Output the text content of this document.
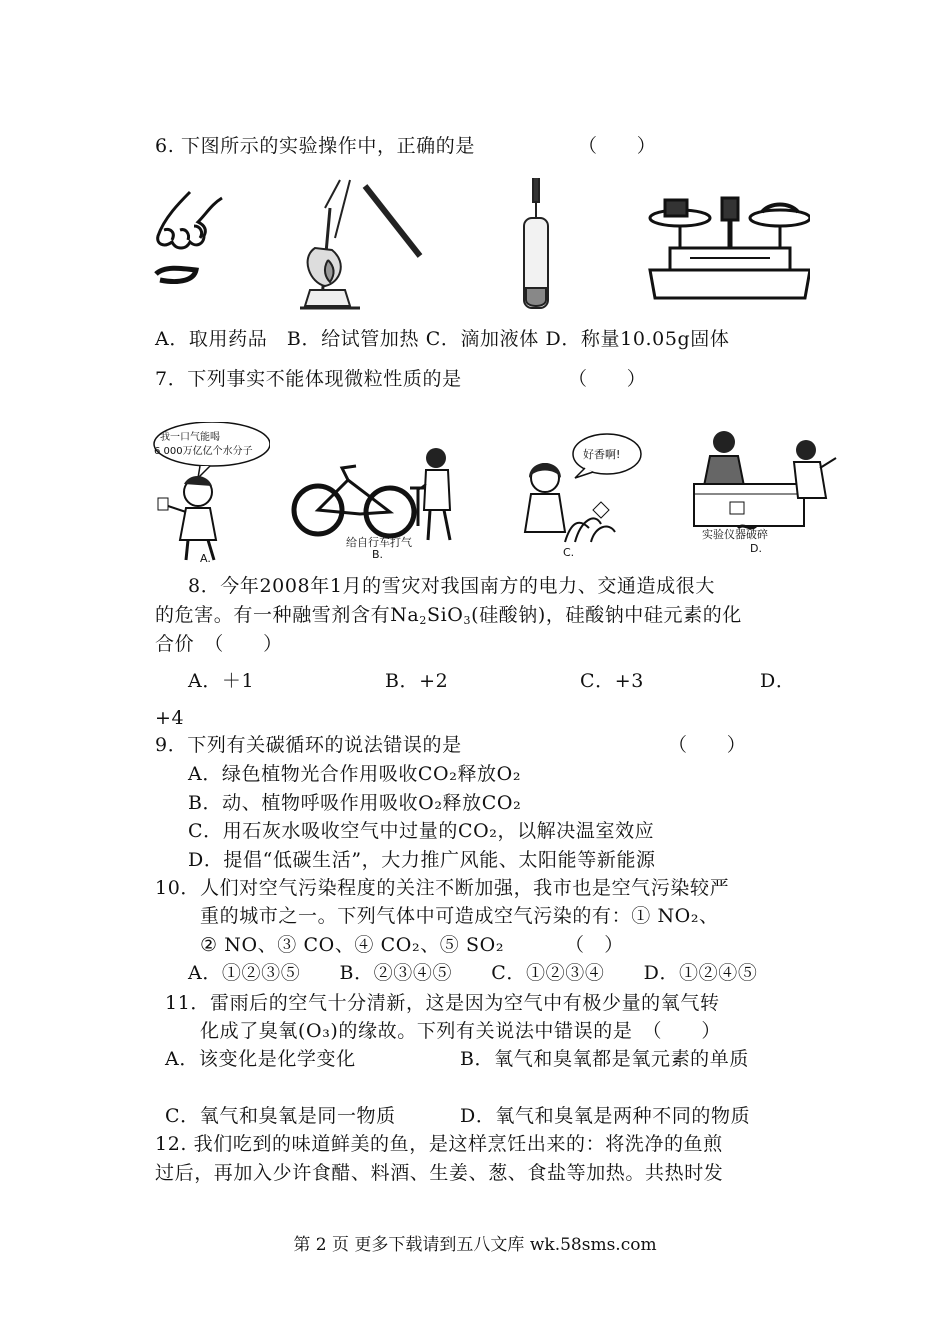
6. 下图所示的实验操作中，正确的是	（　　）
A．取用药品　B．给试管加热 C．滴加液体 D．称量10.05g固体
7．下列事实不能体现微粒性质的是	（　　）
我一口气能喝
6 000万亿亿个水分子
A.
给自行车打气
B.
好香啊!
C.
实验仪器破碎
D.
8．今年2008年1月的雪灾对我国南方的电力、交通造成很大
的危害。有一种融雪剂含有$Na_2SiO_3$(硅酸钠)，硅酸钠中硅元素的化
合价　（　　）
A．＋1	B．+2	C．+3	D．
+4
9．下列有关碳循环的说法错误的是	（　　）
A．绿色植物光合作用吸收CO₂释放O₂
B．动、植物呼吸作用吸收O₂释放CO₂
C．用石灰水吸收空气中过量的CO₂，以解决温室效应
D．提倡“低碳生活”，大力推广风能、太阳能等新能源
10．人们对空气污染程度的关注不断加强，我市也是空气污染较严
重的城市之一。下列气体中可造成空气污染的有：① NO₂、
② NO、③ CO、④ CO₂、⑤ SO₂	（　）
A．①②③⑤　　B．②③④⑤　　C．①②③④　　D．①②④⑤
11．雷雨后的空气十分清新，这是因为空气中有极少量的氧气转
化成了臭氧(O₃)的缘故。下列有关说法中错误的是　（　　）
A．该变化是化学变化	B．氧气和臭氧都是氧元素的单质
C．氧气和臭氧是同一物质	D．氧气和臭氧是两种不同的物质
12. 我们吃到的味道鲜美的鱼，是这样烹饪出来的：将洗净的鱼煎
过后，再加入少许食醋、料酒、生姜、葱、食盐等加热。共热时发
第 2 页 更多下载请到五八文库 wk.58sms.com
